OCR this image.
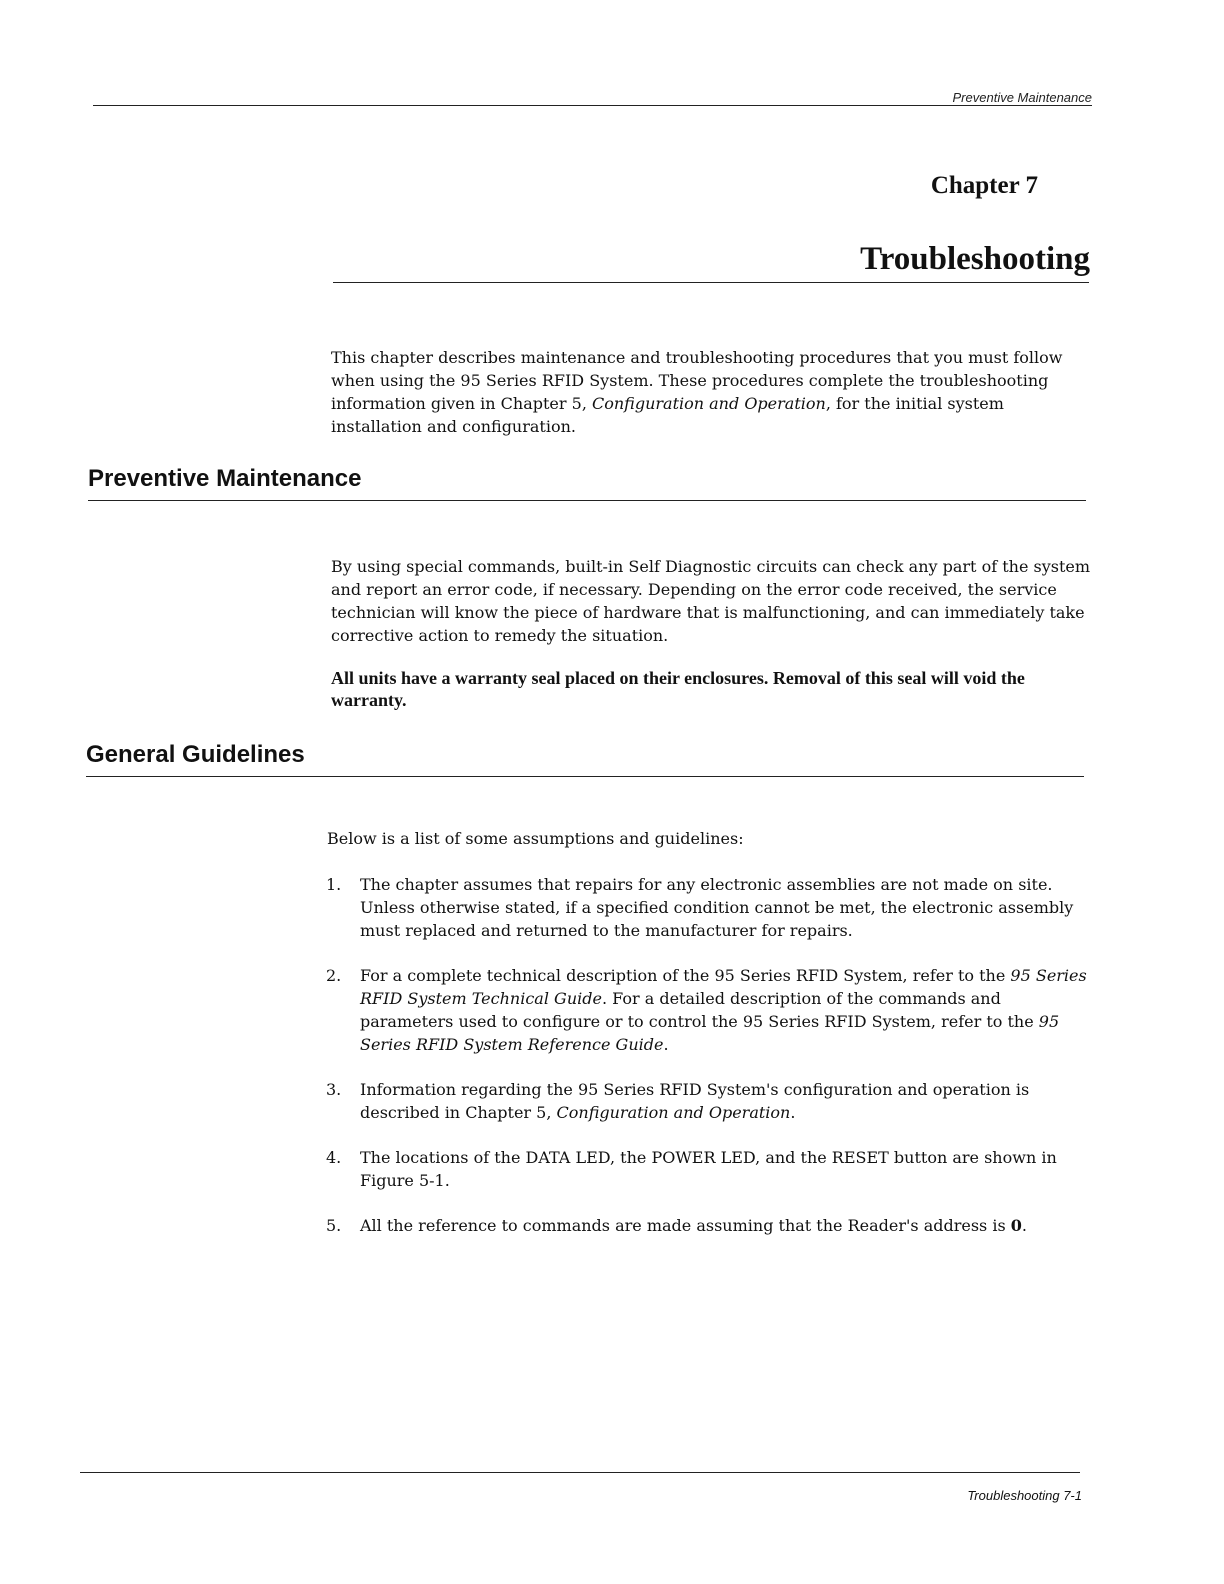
Preventive Maintenance
Chapter 7
Troubleshooting

This chapter describes maintenance and troubleshooting procedures that you must follow when using the 95 Series RFID System. These procedures complete the troubleshooting information given in Chapter 5, Configuration and Operation, for the initial system installation and configuration.

Preventive Maintenance

By using special commands, built-in Self Diagnostic circuits can check any part of the system and report an error code, if necessary. Depending on the error code received, the service technician will know the piece of hardware that is malfunctioning, and can immediately take corrective action to remedy the situation.

All units have a warranty seal placed on their enclosures. Removal of this seal will void the warranty.

General Guidelines

Below is a list of some assumptions and guidelines:

1. The chapter assumes that repairs for any electronic assemblies are not made on site. Unless otherwise stated, if a specified condition cannot be met, the electronic assembly must replaced and returned to the manufacturer for repairs.
2. For a complete technical description of the 95 Series RFID System, refer to the 95 Series RFID System Technical Guide. For a detailed description of the commands and parameters used to configure or to control the 95 Series RFID System, refer to the 95 Series RFID System Reference Guide.
3. Information regarding the 95 Series RFID System's configuration and operation is described in Chapter 5, Configuration and Operation.
4. The locations of the DATA LED, the POWER LED, and the RESET button are shown in Figure 5-1.
5. All the reference to commands are made assuming that the Reader's address is 0.
Troubleshooting 7-1
